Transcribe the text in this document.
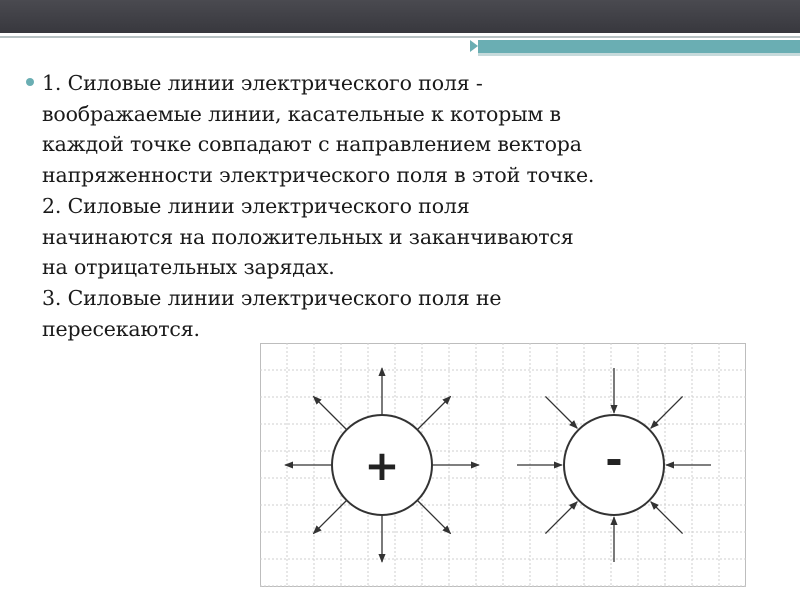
1. Силовые линии электрического поля -
воображаемые линии, касательные к которым в
каждой точке совпадают с направлением вектора
напряженности электрического поля в этой точке.
2. Силовые линии электрического поля
начинаются на положительных и заканчиваются
на отрицательных зарядах.
3. Силовые линии электрического поля не
пересекаются.
+	-
